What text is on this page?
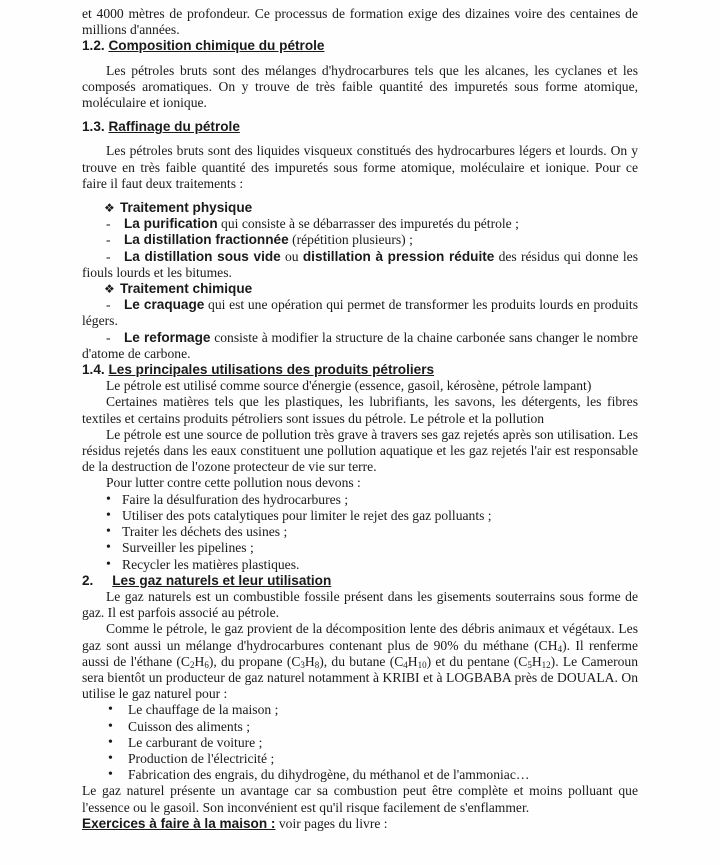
et 4000 mètres de profondeur. Ce processus de formation exige des dizaines voire des centaines de millions d'années.

1.2. Composition chimique du pétrole

Les pétroles bruts sont des mélanges d'hydrocarbures tels que les alcanes, les cyclanes et les composés aromatiques. On y trouve de très faible quantité des impuretés sous forme atomique, moléculaire et ionique.

1.3. Raffinage du pétrole

Les pétroles bruts sont des liquides visqueux constitués des hydrocarbures légers et lourds. On y trouve en très faible quantité des impuretés sous forme atomique, moléculaire et ionique. Pour ce faire il faut deux traitements :

❖ Traitement physique

- La purification qui consiste à se débarrasser des impuretés du pétrole ;

- La distillation fractionnée (répétition plusieurs) ;

- La distillation sous vide ou distillation à pression réduite des résidus qui donne les fiouls lourds et les bitumes.

❖ Traitement chimique

- Le craquage qui est une opération qui permet de transformer les produits lourds en produits légers.

- Le reformage consiste à modifier la structure de la chaine carbonée sans changer le nombre d'atome de carbone.

1.4. Les principales utilisations des produits pétroliers

Le pétrole est utilisé comme source d'énergie (essence, gasoil, kérosène, pétrole lampant)

Certaines matières tels que les plastiques, les lubrifiants, les savons, les détergents, les fibres textiles et certains produits pétroliers sont issues du pétrole. Le pétrole et la pollution

Le pétrole est une source de pollution très grave à travers ses gaz rejetés après son utilisation. Les résidus rejetés dans les eaux constituent une pollution aquatique et les gaz rejetés l'air est responsable de la destruction de l'ozone protecteur de vie sur terre.

Pour lutter contre cette pollution nous devons :

• Faire la désulfuration des hydrocarbures ;
• Utiliser des pots catalytiques pour limiter le rejet des gaz polluants ;
• Traiter les déchets des usines ;
• Surveiller les pipelines ;
• Recycler les matières plastiques.
2. Les gaz naturels et leur utilisation

Le gaz naturels est un combustible fossile présent dans les gisements souterrains sous forme de gaz. Il est parfois associé au pétrole.

Comme le pétrole, le gaz provient de la décomposition lente des débris animaux et végétaux. Les gaz sont aussi un mélange d'hydrocarbures contenant plus de 90% du méthane $(CH_4)$. Il renferme aussi de l'éthane $(C_2H_6)$, du propane $(C_3H_8)$, du butane $(C_4H_{10})$ et du pentane $(C_5H_{12})$. Le Cameroun sera bientôt un producteur de gaz naturel notamment à KRIBI et à LOGBABA près de DOUALA. On utilise le gaz naturel pour :

• Le chauffage de la maison ;
• Cuisson des aliments ;
• Le carburant de voiture ;
• Production de l'électricité ;
• Fabrication des engrais, du dihydrogène, du méthanol et de l'ammoniac…

Le gaz naturel présente un avantage car sa combustion peut être complète et moins polluant que l'essence ou le gasoil. Son inconvénient est qu'il risque facilement de s'enflammer.

Exercices à faire à la maison : voir pages du livre :
